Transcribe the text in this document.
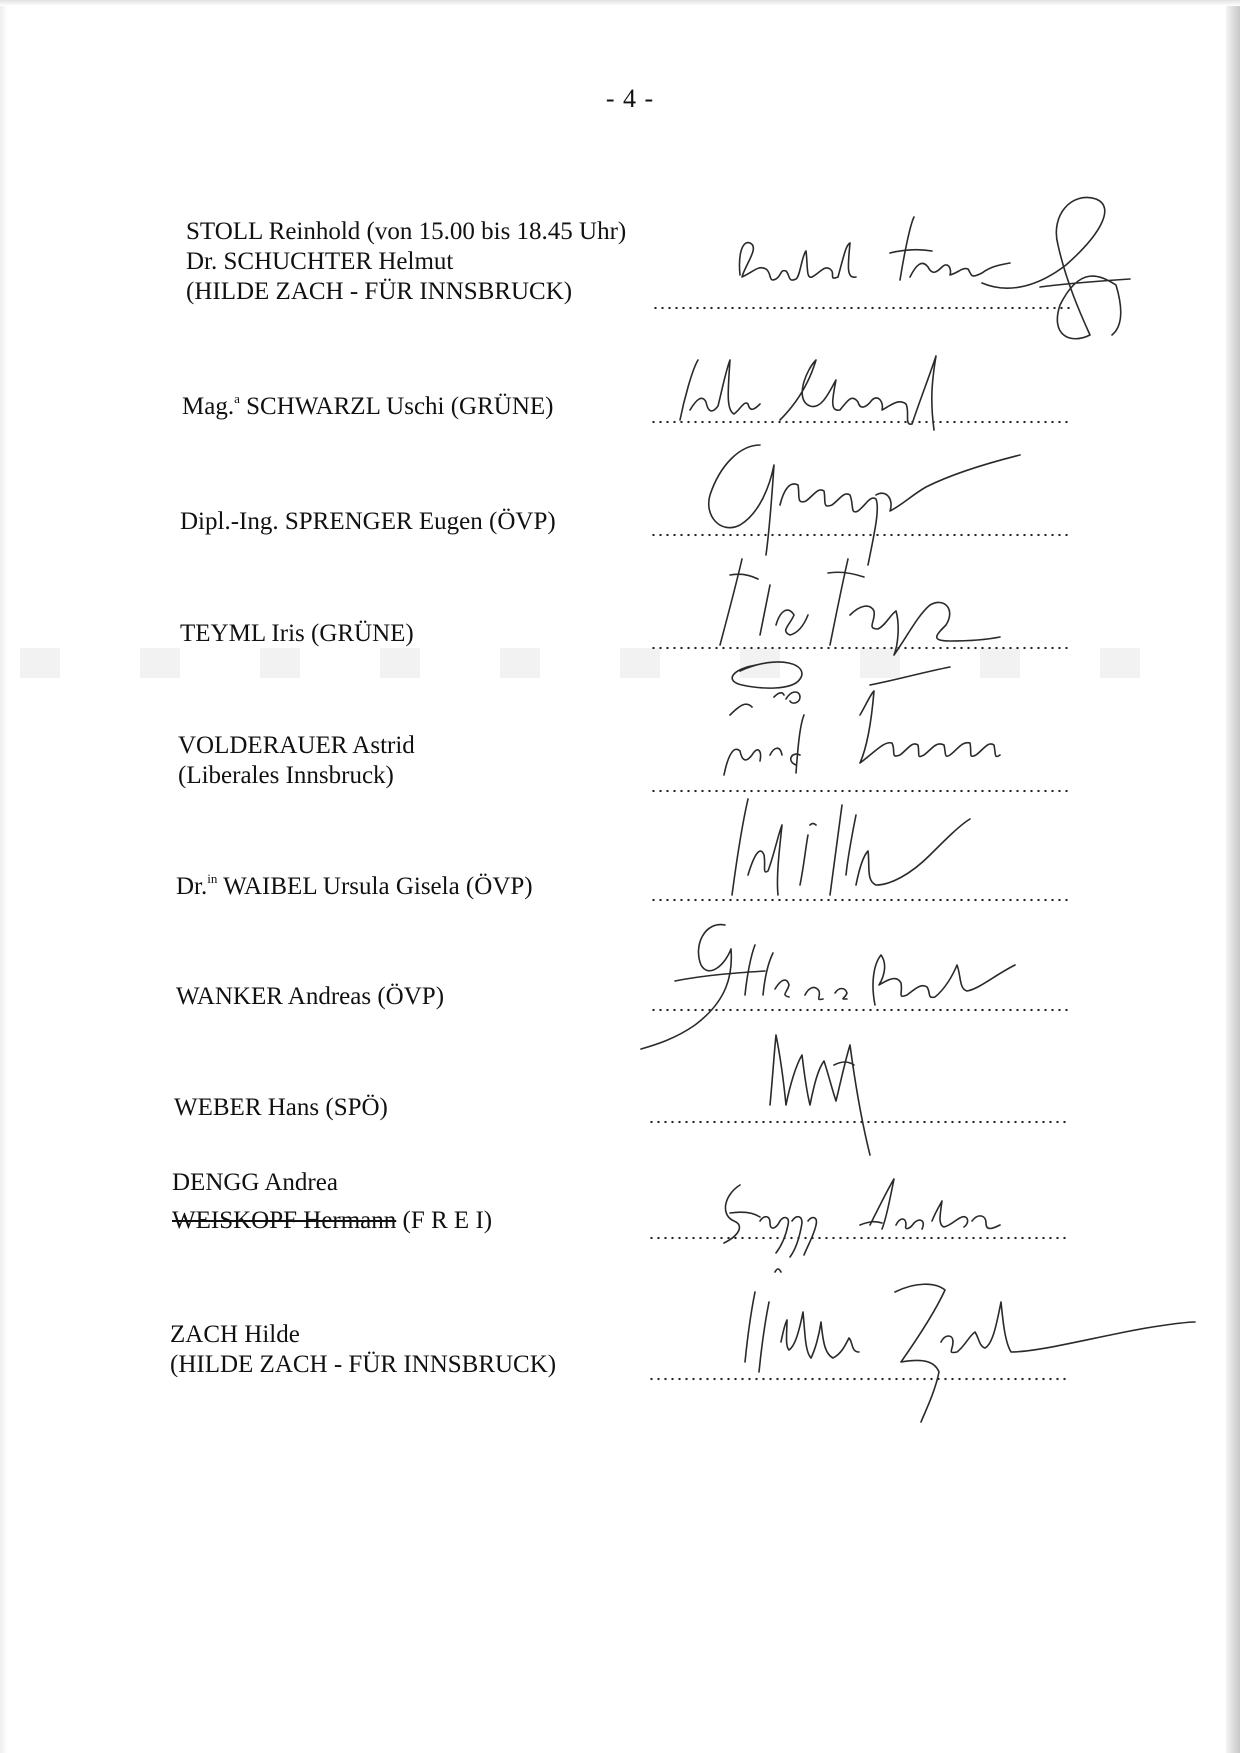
- 4 -
STOLL Reinhold (von 15.00 bis 18.45 Uhr)
Dr. SCHUCHTER Helmut
(HILDE ZACH - FÜR INNSBRUCK)
Mag.$^a$ SCHWARZL Uschi (GRÜNE)
Dipl.-Ing. SPRENGER Eugen (ÖVP)
TEYML Iris (GRÜNE)
VOLDERAUER Astrid
(Liberales Innsbruck)
Dr.$^{in}$ WAIBEL Ursula Gisela (ÖVP)
WANKER Andreas (ÖVP)
WEBER Hans (SPÖ)
DENGG Andrea
WEISKOPF Hermann (F R E I)
ZACH Hilde
(HILDE ZACH - FÜR INNSBRUCK)
